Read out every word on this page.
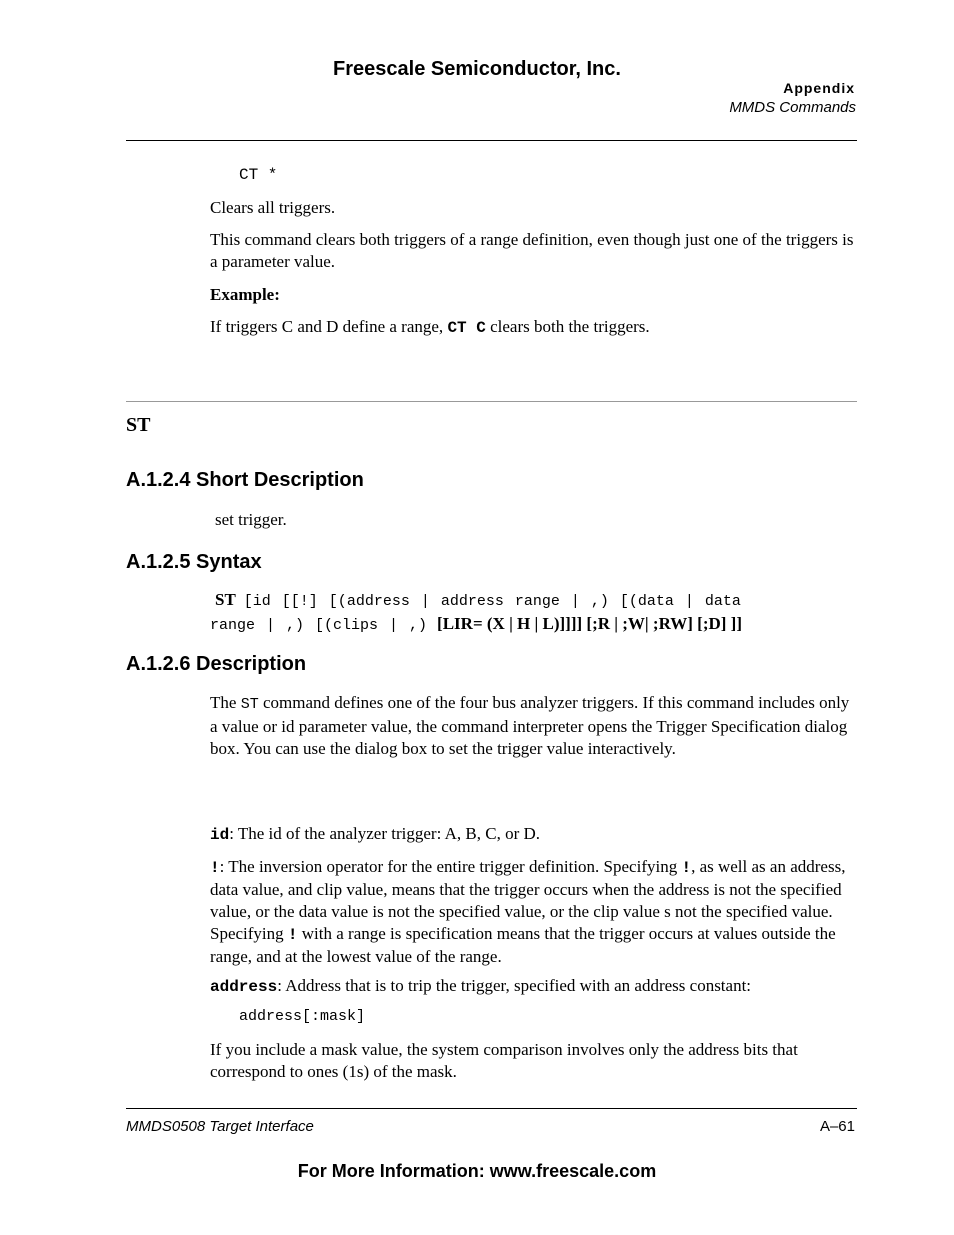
Freescale Semiconductor, Inc.
Appendix
MMDS Commands
CT *

Clears all triggers.

This command clears both triggers of a range definition, even though just one of the triggers is a parameter value.

Example:

If triggers C and D define a range, CT C clears both the triggers.

ST
A.1.2.4 Short Description

set trigger.

A.1.2.5 Syntax
ST [id [[!] [(address | address range | ,) [(data | data
range | ,) [(clips | ,) [LIR= (X | H | L)]]]] [;R | ;W| ;RW] [;D] ]]
A.1.2.6 Description

The ST command defines one of the four bus analyzer triggers. If this command includes only a value or id parameter value, the command interpreter opens the Trigger Specification dialog box. You can use the dialog box to set the trigger value interactively.

id: The id of the analyzer trigger: A, B, C, or D.

!: The inversion operator for the entire trigger definition. Specifying !, as well as an address, data value, and clip value, means that the trigger occurs when the address is not the specified value, or the data value is not the specified value, or the clip value s not the specified value. Specifying ! with a range is specification means that the trigger occurs at values outside the range, and at the lowest value of the range.

address: Address that is to trip the trigger, specified with an address constant:

address[:mask]

If you include a mask value, the system comparison involves only the address bits that correspond to ones (1s) of the mask.

MMDS0508 Target Interface	A–61
For More Information: www.freescale.com
